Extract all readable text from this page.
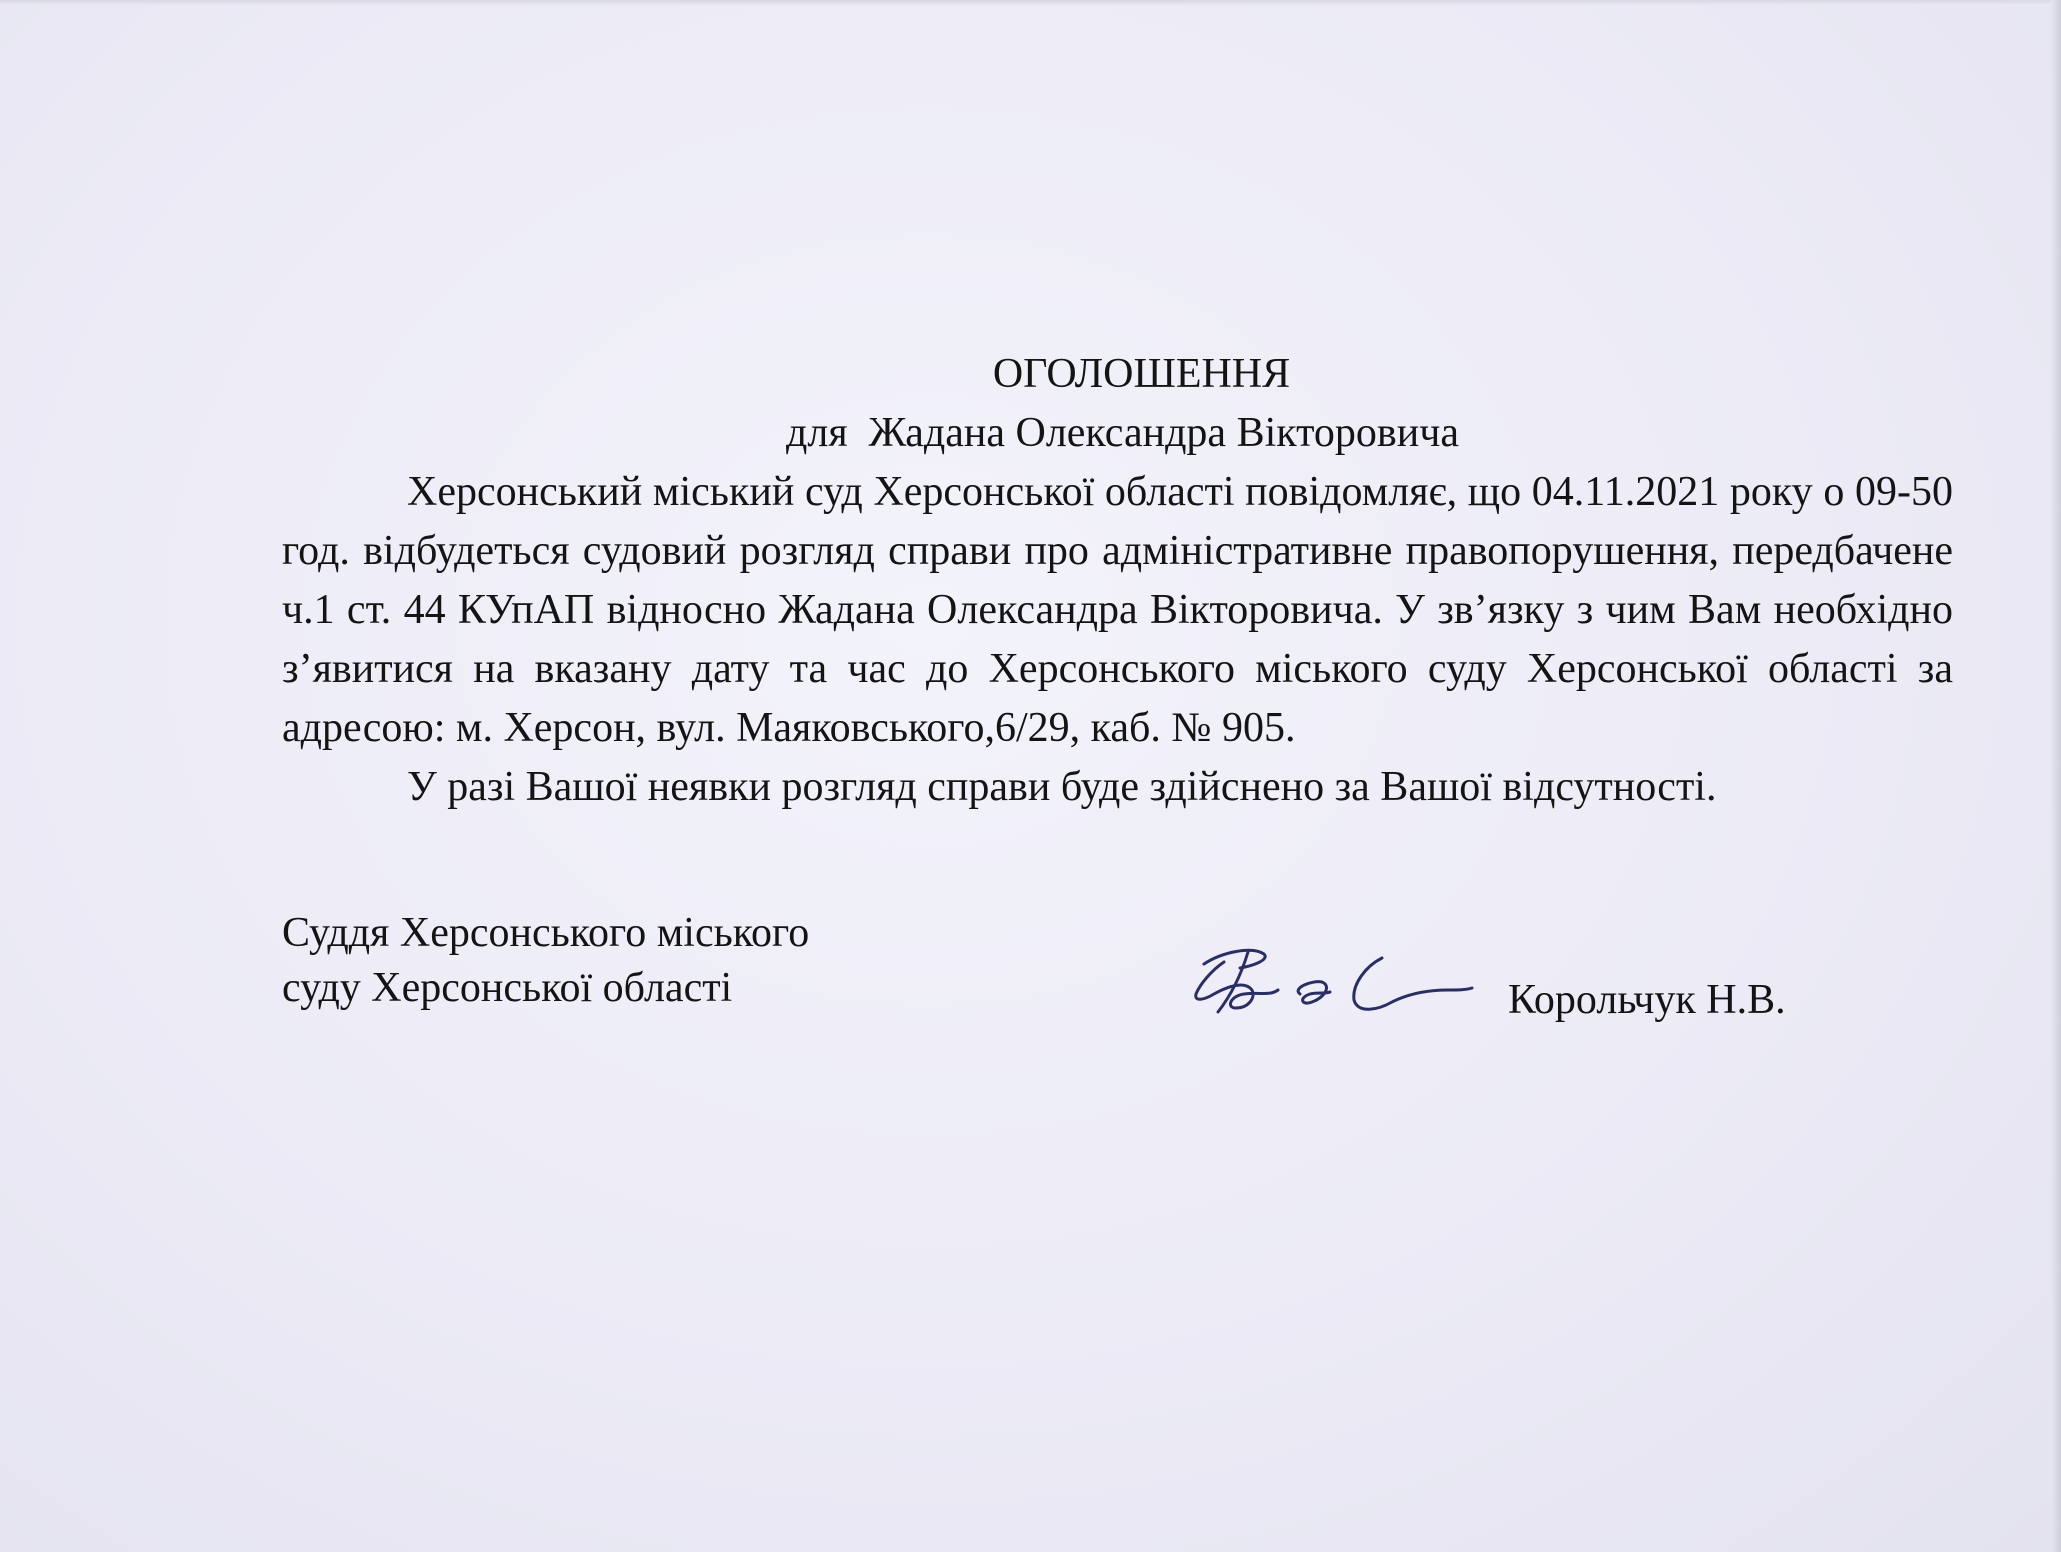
ОГОЛОШЕННЯ

для  Жадана Олександра Вікторовича

Херсонський міський суд Херсонської області повідомляє, що 04.11.2021 року о 09-50 год. відбудеться судовий розгляд справи про адміністративне правопорушення, передбачене ч.1 ст. 44 КУпАП відносно Жадана Олександра Вікторовича. У зв’язку з чим Вам необхідно з’явитися на вказану дату та час до Херсонського міського суду Херсонської області за адресою: м. Херсон, вул. Маяковського,6/29, каб. № 905.

У разі Вашої неявки розгляд справи буде здійснено за Вашої відсутності.

Суддя Херсонського міського
суду Херсонської області	Корольчук Н.В.
